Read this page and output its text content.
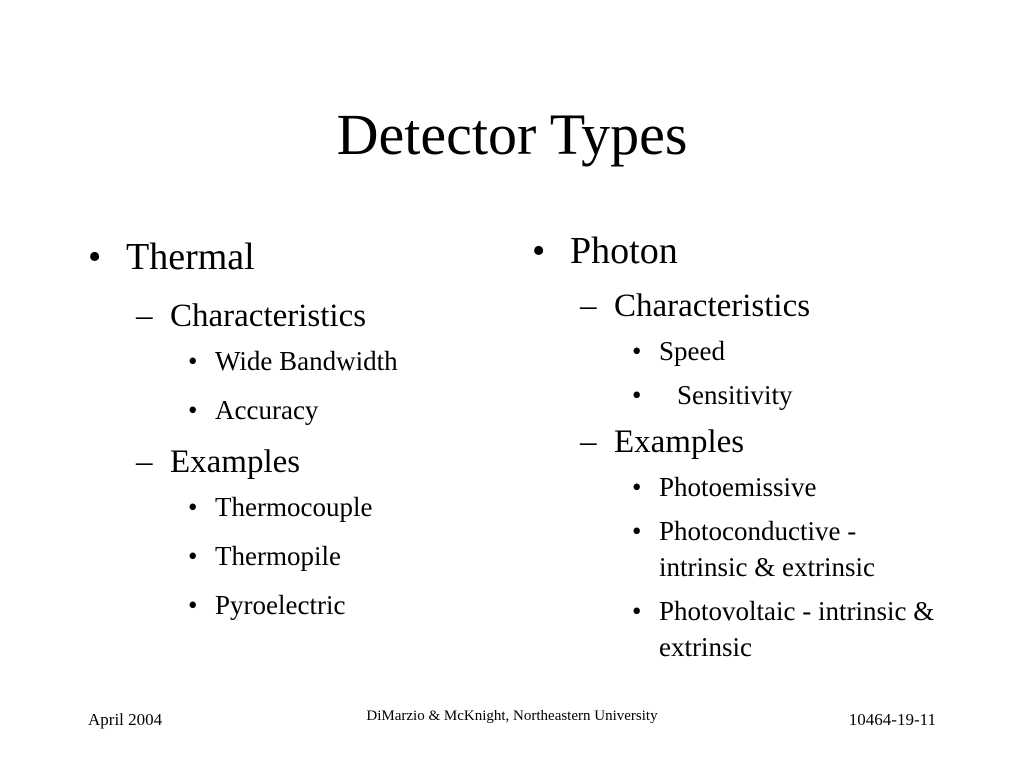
Detector Types
• Thermal
– Characteristics
• Wide Bandwidth
• Accuracy
– Examples
• Thermocouple
• Thermopile
• Pyroelectric
• Photon
– Characteristics
• Speed
• Sensitivity
– Examples
• Photoemissive
• Photoconductive - intrinsic & extrinsic
• Photovoltaic - intrinsic & extrinsic
April 2004	DiMarzio & McKnight, Northeastern University	10464-19-11
